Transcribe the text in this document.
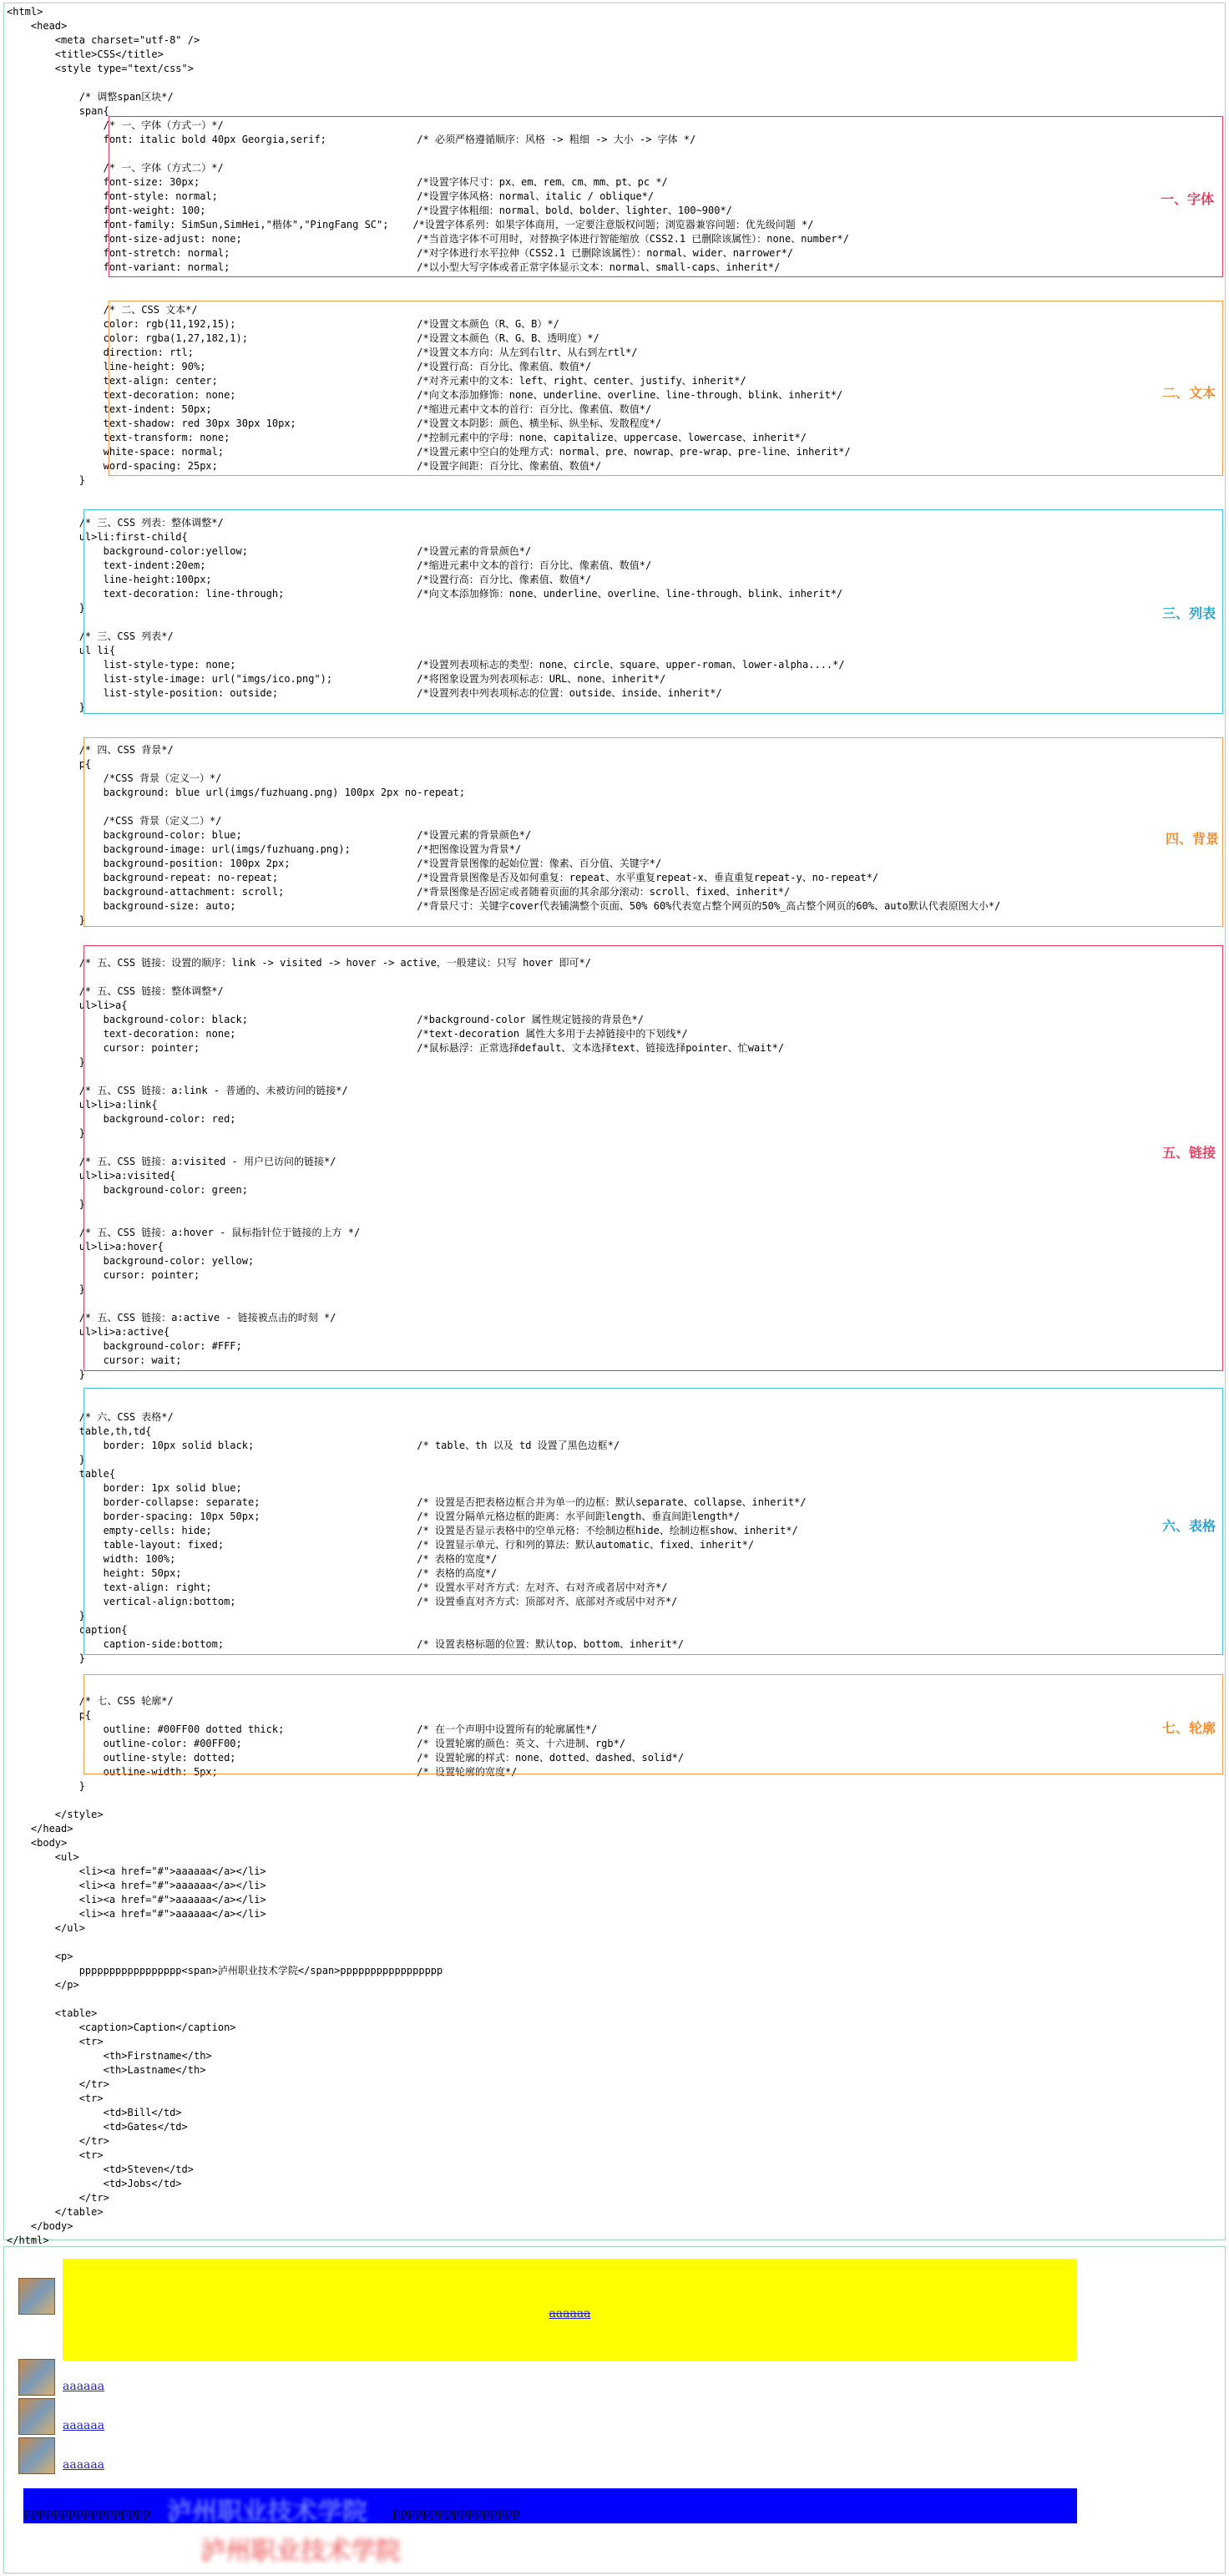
<html>
<head>
<meta charset="utf-8" />
<title>CSS</title>
<style type="text/css">

/* 调整span区块*/
span{
/* 一、字体（方式一）*/
font: italic bold 40px Georgia,serif;               /* 必须严格遵循顺序：风格 -> 粗细 -> 大小 -> 字体 */

/* 一、字体（方式二）*/
font-size: 30px;                                    /*设置字体尺寸：px、em、rem、cm、mm、pt、pc */
font-style: normal;                                 /*设置字体风格：normal、italic / oblique*/
font-weight: 100;                                   /*设置字体粗细：normal、bold、bolder、lighter、100~900*/
font-family: SimSun,SimHei,"楷体","PingFang SC";    /*设置字体系列：如果字体商用，一定要注意版权问题；浏览器兼容问题：优先级问题 */
font-size-adjust: none;                             /*当首选字体不可用时，对替换字体进行智能缩放（CSS2.1 已删除该属性）：none、number*/
font-stretch: normal;                               /*对字体进行水平拉伸（CSS2.1 已删除该属性）：normal、wider、narrower*/
font-variant: normal;                               /*以小型大写字体或者正常字体显示文本：normal、small-caps、inherit*/

/* 二、CSS 文本*/
color: rgb(11,192,15);                              /*设置文本颜色（R、G、B）*/
color: rgba(1,27,182,1);                            /*设置文本颜色（R、G、B、透明度）*/
direction: rtl;                                     /*设置文本方向：从左到右ltr、从右到左rtl*/
line-height: 90%;                                   /*设置行高：百分比、像素值、数值*/
text-align: center;                                 /*对齐元素中的文本：left、right、center、justify、inherit*/
text-decoration: none;                              /*向文本添加修饰：none、underline、overline、line-through、blink、inherit*/
text-indent: 50px;                                  /*缩进元素中文本的首行：百分比、像素值、数值*/
text-shadow: red 30px 30px 10px;                    /*设置文本阴影：颜色、横坐标、纵坐标、发散程度*/
text-transform: none;                               /*控制元素中的字母：none、capitalize、uppercase、lowercase、inherit*/
white-space: normal;                                /*设置元素中空白的处理方式：normal、pre、nowrap、pre-wrap、pre-line、inherit*/
word-spacing: 25px;                                 /*设置字间距：百分比、像素值、数值*/
}

/* 三、CSS 列表：整体调整*/
ul>li:first-child{
background-color:yellow;                            /*设置元素的背景颜色*/
text-indent:20em;                                   /*缩进元素中文本的首行：百分比、像素值、数值*/
line-height:100px;                                  /*设置行高：百分比、像素值、数值*/
text-decoration: line-through;                      /*向文本添加修饰：none、underline、overline、line-through、blink、inherit*/
}

/* 三、CSS 列表*/
ul li{
list-style-type: none;                              /*设置列表项标志的类型：none、circle、square、upper-roman、lower-alpha....*/
list-style-image: url("imgs/ico.png");              /*将图象设置为列表项标志：URL、none、inherit*/
list-style-position: outside;                       /*设置列表中列表项标志的位置：outside、inside、inherit*/
}

/* 四、CSS 背景*/
p{
/*CSS 背景（定义一）*/
background: blue url(imgs/fuzhuang.png) 100px 2px no-repeat;

/*CSS 背景（定义二）*/
background-color: blue;                             /*设置元素的背景颜色*/
background-image: url(imgs/fuzhuang.png);           /*把图像设置为背景*/
background-position: 100px 2px;                     /*设置背景图像的起始位置：像素、百分值、关键字*/
background-repeat: no-repeat;                       /*设置背景图像是否及如何重复：repeat、水平重复repeat-x、垂直重复repeat-y、no-repeat*/
background-attachment: scroll;                      /*背景图像是否固定或者随着页面的其余部分滚动：scroll、fixed、inherit*/
background-size: auto;                              /*背景尺寸：关键字cover代表铺满整个页面、50% 60%代表宽占整个网页的50%_高占整个网页的60%、auto默认代表原图大小*/
}

/* 五、CSS 链接：设置的顺序：link -> visited -> hover -> active，一般建议：只写 hover 即可*/

/* 五、CSS 链接：整体调整*/
ul>li>a{
background-color: black;                            /*background-color 属性规定链接的背景色*/
text-decoration: none;                              /*text-decoration 属性大多用于去掉链接中的下划线*/
cursor: pointer;                                    /*鼠标悬浮：正常选择default、文本选择text、链接选择pointer、忙wait*/
}

/* 五、CSS 链接：a:link - 普通的、未被访问的链接*/
ul>li>a:link{
background-color: red;
}

/* 五、CSS 链接：a:visited - 用户已访问的链接*/
ul>li>a:visited{
background-color: green;
}

/* 五、CSS 链接：a:hover - 鼠标指针位于链接的上方 */
ul>li>a:hover{
background-color: yellow;
cursor: pointer;
}

/* 五、CSS 链接：a:active - 链接被点击的时刻 */
ul>li>a:active{
background-color: #FFF;
cursor: wait;
}

/* 六、CSS 表格*/
table,th,td{
border: 10px solid black;                           /* table、th 以及 td 设置了黑色边框*/
}
table{
border: 1px solid blue;
border-collapse: separate;                          /* 设置是否把表格边框合并为单一的边框：默认separate、collapse、inherit*/
border-spacing: 10px 50px;                          /* 设置分隔单元格边框的距离：水平间距length、垂直间距length*/
empty-cells: hide;                                  /* 设置是否显示表格中的空单元格：不绘制边框hide、绘制边框show、inherit*/
table-layout: fixed;                                /* 设置显示单元、行和列的算法：默认automatic、fixed、inherit*/
width: 100%;                                        /* 表格的宽度*/
height: 50px;                                       /* 表格的高度*/
text-align: right;                                  /* 设置水平对齐方式：左对齐、右对齐或者居中对齐*/
vertical-align:bottom;                              /* 设置垂直对齐方式：顶部对齐、底部对齐或居中对齐*/
}
caption{
caption-side:bottom;                                /* 设置表格标题的位置：默认top、bottom、inherit*/
}

/* 七、CSS 轮廓*/
p{
outline: #00FF00 dotted thick;                      /* 在一个声明中设置所有的轮廓属性*/
outline-color: #00FF00;                             /* 设置轮廓的颜色：英文、十六进制、rgb*/
outline-style: dotted;                              /* 设置轮廓的样式：none、dotted、dashed、solid*/
outline-width: 5px;                                 /* 设置轮廓的宽度*/
}

</style>
</head>
<body>
<ul>
<li><a href="#">aaaaaa</a></li>
<li><a href="#">aaaaaa</a></li>
<li><a href="#">aaaaaa</a></li>
<li><a href="#">aaaaaa</a></li>
</ul>

<p>
ppppppppppppppppp<span>泸州职业技术学院</span>ppppppppppppppppp
</p>

<table>
<caption>Caption</caption>
<tr>
<th>Firstname</th>
<th>Lastname</th>
</tr>
<tr>
<td>Bill</td>
<td>Gates</td>
</tr>
<tr>
<td>Steven</td>
<td>Jobs</td>
</tr>
</table>
</body>
</html>
一、字体
二、文本
三、列表
四、背景
五、链接
六、表格
七、轮廓
aaaaaa
aaaaaa
aaaaaa
aaaaaa
泸州职业技术学院
ppppppppppppppppp	ppppppppppppppppp
泸州职业技术学院
